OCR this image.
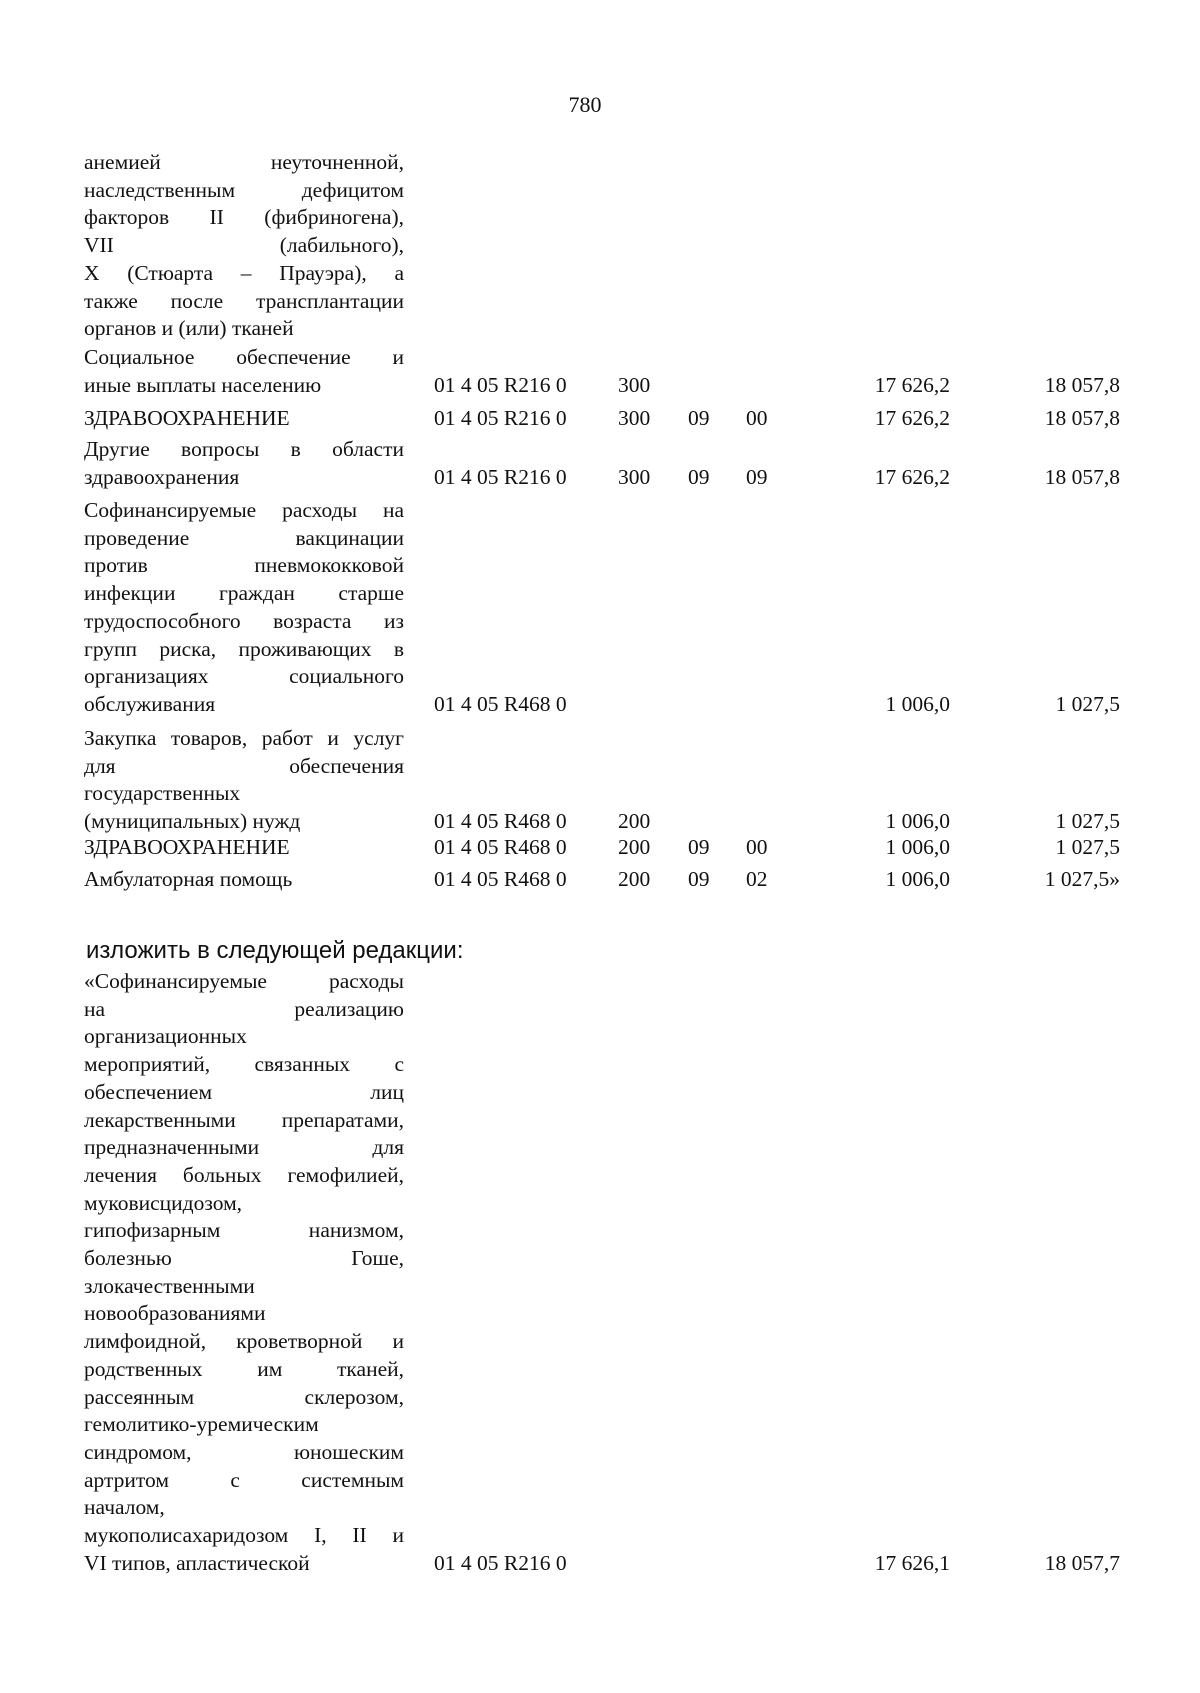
780
анемией неуточненной,
наследственным дефицитом
факторов II (фибриногена),
VII (лабильного),
X (Стюарта – Прауэра), а
также после трансплантации
органов и (или) тканей
Социальное обеспечение и
иные выплаты населению	01 4 05 R216 0 300	17 626,2	18 057,8
ЗДРАВООХРАНЕНИЕ	01 4 05 R216 0 300 09 00	17 626,2	18 057,8
Другие вопросы в области
здравоохранения	01 4 05 R216 0 300 09 09	17 626,2	18 057,8
Софинансируемые расходы на
проведение вакцинации
против пневмококковой
инфекции граждан старше
трудоспособного возраста из
групп риска, проживающих в
организациях социального
обслуживания	01 4 05 R468 0	1 006,0	1 027,5
Закупка товаров, работ и услуг
для обеспечения
государственных
(муниципальных) нужд	01 4 05 R468 0 200	1 006,0	1 027,5
ЗДРАВООХРАНЕНИЕ	01 4 05 R468 0 200 09 00	1 006,0	1 027,5
Амбулаторная помощь	01 4 05 R468 0 200 09 02	1 006,0	1 027,5»
«Софинансируемые расходы
на реализацию
организационных
мероприятий, связанных с
обеспечением лиц
лекарственными препаратами,
предназначенными для
лечения больных гемофилией,
муковисцидозом,
гипофизарным нанизмом,
болезнью Гоше,
злокачественными
новообразованиями
лимфоидной, кроветворной и
родственных им тканей,
рассеянным склерозом,
гемолитико-уремическим
синдромом, юношеским
артритом с системным
началом,
мукополисахаридозом I, II и
VI типов, апластической	01 4 05 R216 0	17 626,1	18 057,7
изложить в следующей редакции:
